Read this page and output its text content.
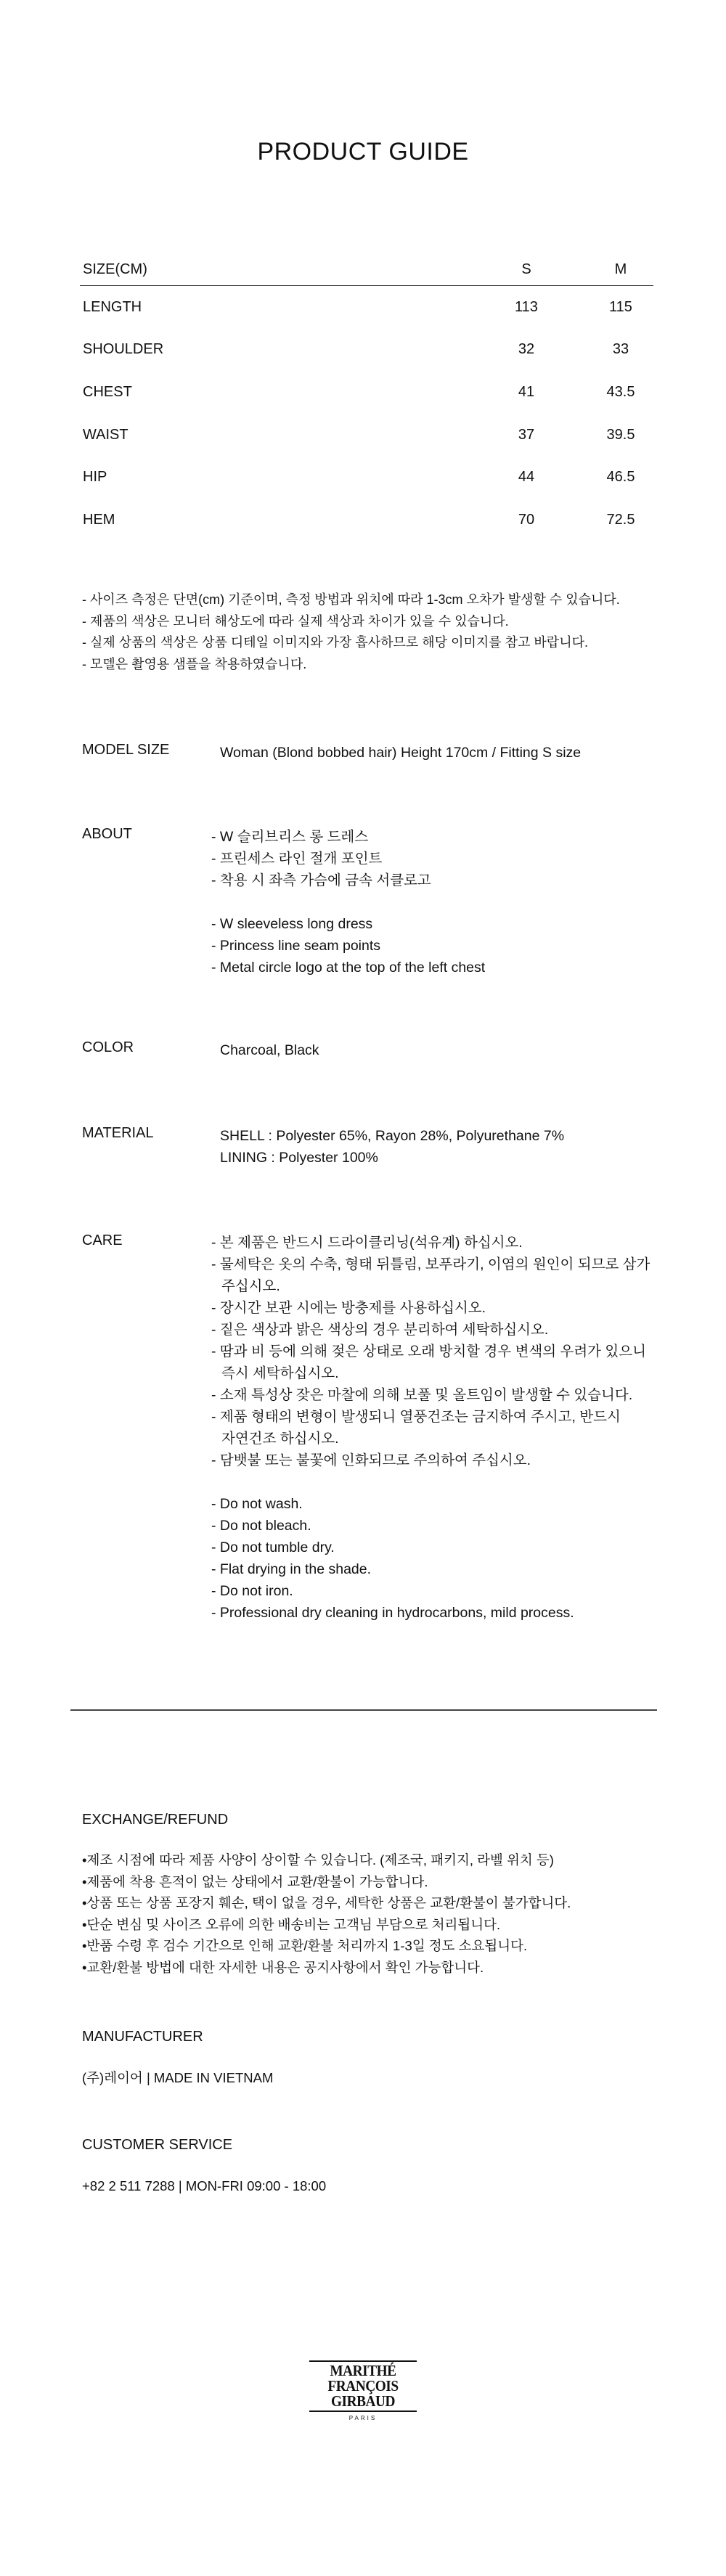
PRODUCT GUIDE
SIZE(CM)	S	M
LENGTH	113	115
SHOULDER	32	33
CHEST	41	43.5
WAIST	37	39.5
HIP	44	46.5
HEM	70	72.5
- 사이즈 측정은 단면(cm) 기준이며, 측정 방법과 위치에 따라 1-3cm 오차가 발생할 수 있습니다.
- 제품의 색상은 모니터 해상도에 따라 실제 색상과 차이가 있을 수 있습니다.
- 실제 상품의 색상은 상품 디테일 이미지와 가장 흡사하므로 해당 이미지를 참고 바랍니다.
- 모델은 촬영용 샘플을 착용하였습니다.
MODEL SIZE	Woman (Blond bobbed hair) Height 170cm / Fitting S size
ABOUT	- W 슬리브리스 롱 드레스
- 프린세스 라인 절개 포인트
- 착용 시 좌측 가슴에 금속 서클로고
- W sleeveless long dress
- Princess line seam points
- Metal circle logo at the top of the left chest
COLOR	Charcoal, Black
MATERIAL	SHELL : Polyester 65%, Rayon 28%, Polyurethane 7%
LINING : Polyester 100%
CARE	- 본 제품은 반드시 드라이클리닝(석유계) 하십시오.
- 물세탁은 옷의 수축, 형태 뒤틀림, 보푸라기, 이염의 원인이 되므로 삼가
주십시오.
- 장시간 보관 시에는 방충제를 사용하십시오.
- 짙은 색상과 밝은 색상의 경우 분리하여 세탁하십시오.
- 땀과 비 등에 의해 젖은 상태로 오래 방치할 경우 변색의 우려가 있으니
즉시 세탁하십시오.
- 소재 특성상 잦은 마찰에 의해 보풀 및 올트임이 발생할 수 있습니다.
- 제품 형태의 변형이 발생되니 열풍건조는 금지하여 주시고, 반드시
자연건조 하십시오.
- 담뱃불 또는 불꽃에 인화되므로 주의하여 주십시오.
- Do not wash.
- Do not bleach.
- Do not tumble dry.
- Flat drying in the shade.
- Do not iron.
- Professional dry cleaning in hydrocarbons, mild process.
EXCHANGE/REFUND
•제조 시점에 따라 제품 사양이 상이할 수 있습니다. (제조국, 패키지, 라벨 위치 등)
•제품에 착용 흔적이 없는 상태에서 교환/환불이 가능합니다.
•상품 또는 상품 포장지 훼손, 택이 없을 경우, 세탁한 상품은 교환/환불이 불가합니다.
•단순 변심 및 사이즈 오류에 의한 배송비는 고객님 부담으로 처리됩니다.
•반품 수령 후 검수 기간으로 인해 교환/환불 처리까지 1-3일 정도 소요됩니다.
•교환/환불 방법에 대한 자세한 내용은 공지사항에서 확인 가능합니다.
MANUFACTURER
(주)레이어 | MADE IN VIETNAM
CUSTOMER SERVICE
+82 2 511 7288 | MON-FRI 09:00 - 18:00
MARITHÉ
FRANÇOIS
GIRBAUD
PARIS
